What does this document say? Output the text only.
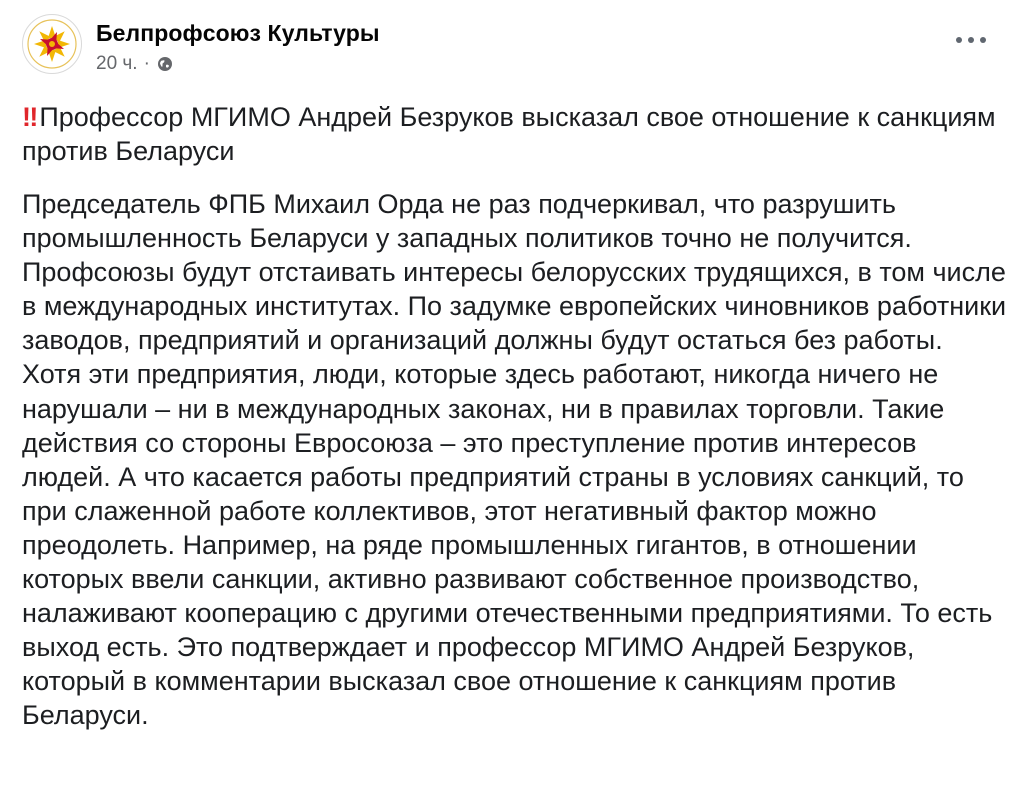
Белпрофсоюз Культуры
20 ч. ·
‼ Профессор МГИМО Андрей Безруков высказал свое отношение к санкциям против Беларуси
Председатель ФПБ Михаил Орда не раз подчеркивал, что разрушить промышленность Беларуси у западных политиков точно не получится. Профсоюзы будут отстаивать интересы белорусских трудящихся, в том числе в международных институтах. По задумке европейских чиновников работники заводов, предприятий и организаций должны будут остаться без работы. Хотя эти предприятия, люди, которые здесь работают, никогда ничего не нарушали – ни в международных законах, ни в правилах торговли. Такие действия со стороны Евросоюза – это преступление против интересов людей. А что касается работы предприятий страны в условиях санкций, то при слаженной работе коллективов, этот негативный фактор можно преодолеть. Например, на ряде промышленных гигантов, в отношении которых ввели санкции, активно развивают собственное производство, налаживают кооперацию с другими отечественными предприятиями. То есть выход есть. Это подтверждает и профессор МГИМО Андрей Безруков, который в комментарии высказал свое отношение к санкциям против Беларуси.
